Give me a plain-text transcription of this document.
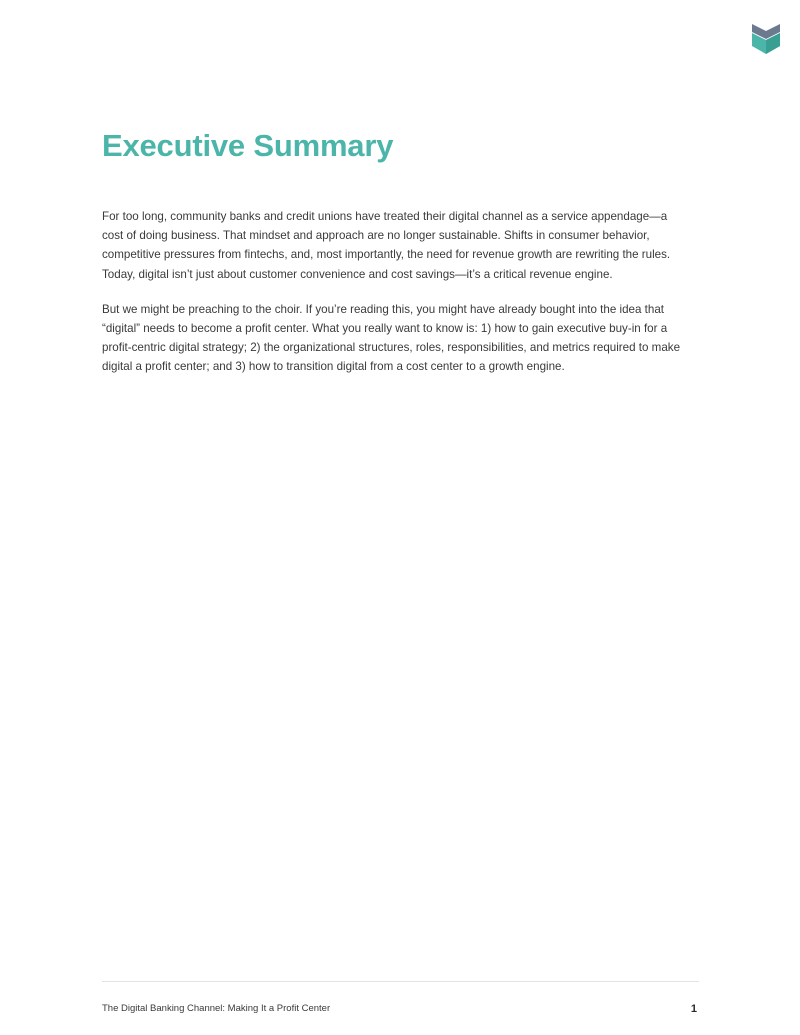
Executive Summary

For too long, community banks and credit unions have treated their digital channel as a service appendage—a cost of doing business. That mindset and approach are no longer sustainable. Shifts in consumer behavior, competitive pressures from fintechs, and, most importantly, the need for revenue growth are rewriting the rules. Today, digital isn’t just about customer convenience and cost savings—it’s a critical revenue engine.

But we might be preaching to the choir. If you’re reading this, you might have already bought into the idea that “digital” needs to become a profit center. What you really want to know is: 1) how to gain executive buy-in for a profit-centric digital strategy; 2) the organizational structures, roles, responsibilities, and metrics required to make digital a profit center; and 3) how to transition digital from a cost center to a growth engine.

The Digital Banking Channel: Making It a Profit Center	1
